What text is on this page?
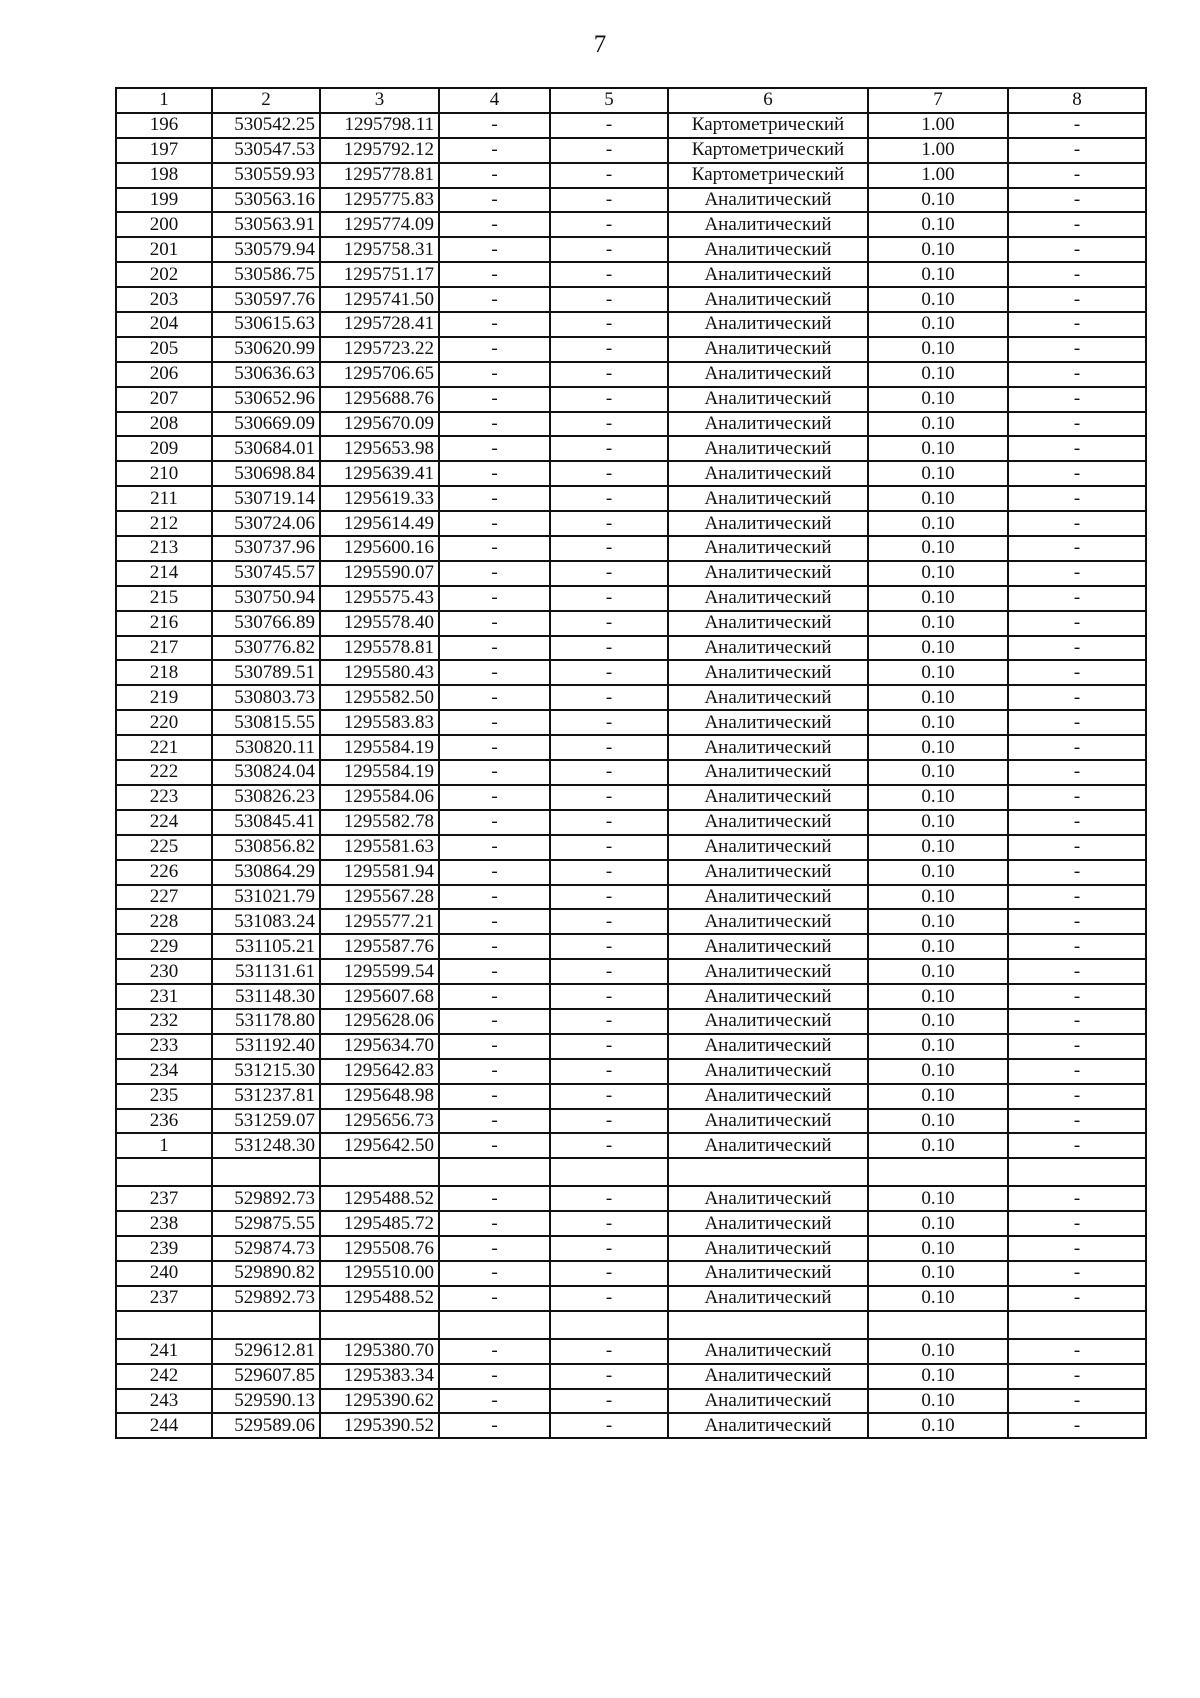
7
1	2	3	4	5	6	7	8
196	530542.25	1295798.11	-	-	Картометрический	1.00	-
197	530547.53	1295792.12	-	-	Картометрический	1.00	-
198	530559.93	1295778.81	-	-	Картометрический	1.00	-
199	530563.16	1295775.83	-	-	Аналитический	0.10	-
200	530563.91	1295774.09	-	-	Аналитический	0.10	-
201	530579.94	1295758.31	-	-	Аналитический	0.10	-
202	530586.75	1295751.17	-	-	Аналитический	0.10	-
203	530597.76	1295741.50	-	-	Аналитический	0.10	-
204	530615.63	1295728.41	-	-	Аналитический	0.10	-
205	530620.99	1295723.22	-	-	Аналитический	0.10	-
206	530636.63	1295706.65	-	-	Аналитический	0.10	-
207	530652.96	1295688.76	-	-	Аналитический	0.10	-
208	530669.09	1295670.09	-	-	Аналитический	0.10	-
209	530684.01	1295653.98	-	-	Аналитический	0.10	-
210	530698.84	1295639.41	-	-	Аналитический	0.10	-
211	530719.14	1295619.33	-	-	Аналитический	0.10	-
212	530724.06	1295614.49	-	-	Аналитический	0.10	-
213	530737.96	1295600.16	-	-	Аналитический	0.10	-
214	530745.57	1295590.07	-	-	Аналитический	0.10	-
215	530750.94	1295575.43	-	-	Аналитический	0.10	-
216	530766.89	1295578.40	-	-	Аналитический	0.10	-
217	530776.82	1295578.81	-	-	Аналитический	0.10	-
218	530789.51	1295580.43	-	-	Аналитический	0.10	-
219	530803.73	1295582.50	-	-	Аналитический	0.10	-
220	530815.55	1295583.83	-	-	Аналитический	0.10	-
221	530820.11	1295584.19	-	-	Аналитический	0.10	-
222	530824.04	1295584.19	-	-	Аналитический	0.10	-
223	530826.23	1295584.06	-	-	Аналитический	0.10	-
224	530845.41	1295582.78	-	-	Аналитический	0.10	-
225	530856.82	1295581.63	-	-	Аналитический	0.10	-
226	530864.29	1295581.94	-	-	Аналитический	0.10	-
227	531021.79	1295567.28	-	-	Аналитический	0.10	-
228	531083.24	1295577.21	-	-	Аналитический	0.10	-
229	531105.21	1295587.76	-	-	Аналитический	0.10	-
230	531131.61	1295599.54	-	-	Аналитический	0.10	-
231	531148.30	1295607.68	-	-	Аналитический	0.10	-
232	531178.80	1295628.06	-	-	Аналитический	0.10	-
233	531192.40	1295634.70	-	-	Аналитический	0.10	-
234	531215.30	1295642.83	-	-	Аналитический	0.10	-
235	531237.81	1295648.98	-	-	Аналитический	0.10	-
236	531259.07	1295656.73	-	-	Аналитический	0.10	-
1	531248.30	1295642.50	-	-	Аналитический	0.10	-

237	529892.73	1295488.52	-	-	Аналитический	0.10	-
238	529875.55	1295485.72	-	-	Аналитический	0.10	-
239	529874.73	1295508.76	-	-	Аналитический	0.10	-
240	529890.82	1295510.00	-	-	Аналитический	0.10	-
237	529892.73	1295488.52	-	-	Аналитический	0.10	-

241	529612.81	1295380.70	-	-	Аналитический	0.10	-
242	529607.85	1295383.34	-	-	Аналитический	0.10	-
243	529590.13	1295390.62	-	-	Аналитический	0.10	-
244	529589.06	1295390.52	-	-	Аналитический	0.10	-
